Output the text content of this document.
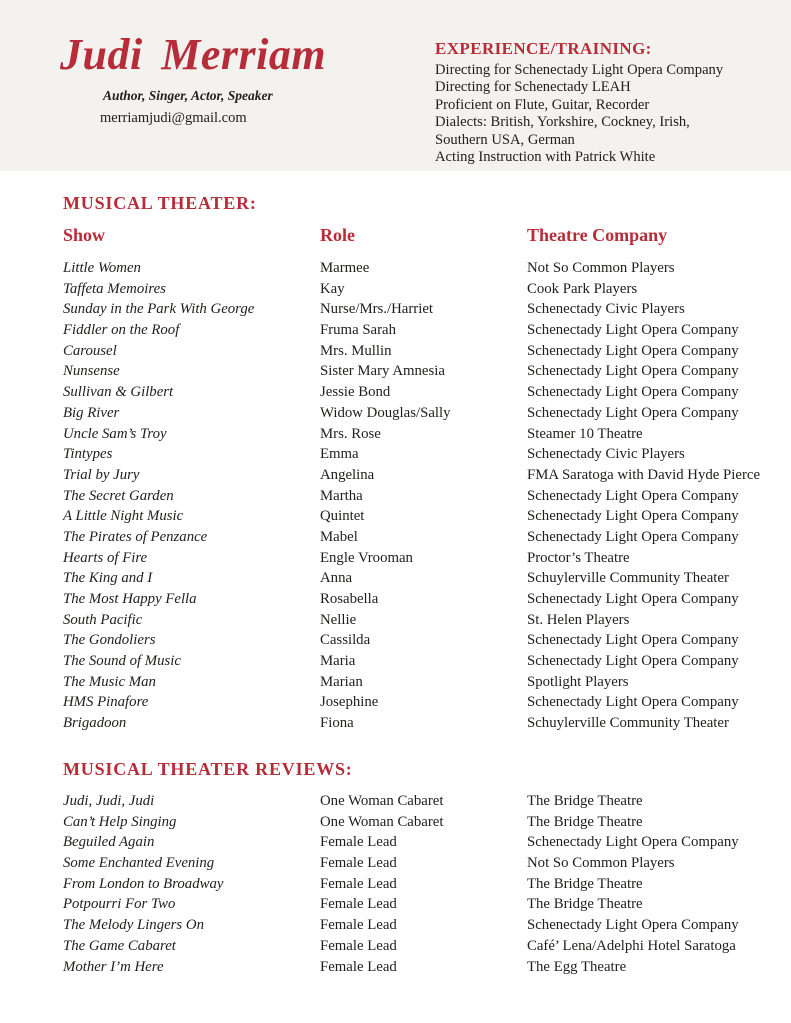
Judi Merriam
Author, Singer, Actor, Speaker
merriamjudi@gmail.com
EXPERIENCE/TRAINING:
Directing for Schenectady Light Opera Company
Directing for Schenectady LEAH
Proficient on Flute, Guitar, Recorder
Dialects: British, Yorkshire, Cockney, Irish,
Southern USA, German
Acting Instruction with Patrick White
MUSICAL THEATER:
Show	Role	Theatre Company
Little Women	Marmee	Not So Common Players
Taffeta Memoires	Kay	Cook Park Players
Sunday in the Park With George	Nurse/Mrs./Harriet	Schenectady Civic Players
Fiddler on the Roof	Fruma Sarah	Schenectady Light Opera Company
Carousel	Mrs. Mullin	Schenectady Light Opera Company
Nunsense	Sister Mary Amnesia	Schenectady Light Opera Company
Sullivan & Gilbert	Jessie Bond	Schenectady Light Opera Company
Big River	Widow Douglas/Sally	Schenectady Light Opera Company
Uncle Sam’s Troy	Mrs. Rose	Steamer 10 Theatre
Tintypes	Emma	Schenectady Civic Players
Trial by Jury	Angelina	FMA Saratoga with David Hyde Pierce
The Secret Garden	Martha	Schenectady Light Opera Company
A Little Night Music	Quintet	Schenectady Light Opera Company
The Pirates of Penzance	Mabel	Schenectady Light Opera Company
Hearts of Fire	Engle Vrooman	Proctor’s Theatre
The King and I	Anna	Schuylerville Community Theater
The Most Happy Fella	Rosabella	Schenectady Light Opera Company
South Pacific	Nellie	St. Helen Players
The Gondoliers	Cassilda	Schenectady Light Opera Company
The Sound of Music	Maria	Schenectady Light Opera Company
The Music Man	Marian	Spotlight Players
HMS Pinafore	Josephine	Schenectady Light Opera Company
Brigadoon	Fiona	Schuylerville Community Theater
MUSICAL THEATER REVIEWS:
Judi, Judi, Judi	One Woman Cabaret	The Bridge Theatre
Can’t Help Singing	One Woman Cabaret	The Bridge Theatre
Beguiled Again	Female Lead	Schenectady Light Opera Company
Some Enchanted Evening	Female Lead	Not So Common Players
From London to Broadway	Female Lead	The Bridge Theatre
Potpourri For Two	Female Lead	The Bridge Theatre
The Melody Lingers On	Female Lead	Schenectady Light Opera Company
The Game Cabaret	Female Lead	Café’ Lena/Adelphi Hotel Saratoga
Mother I’m Here	Female Lead	The Egg Theatre
